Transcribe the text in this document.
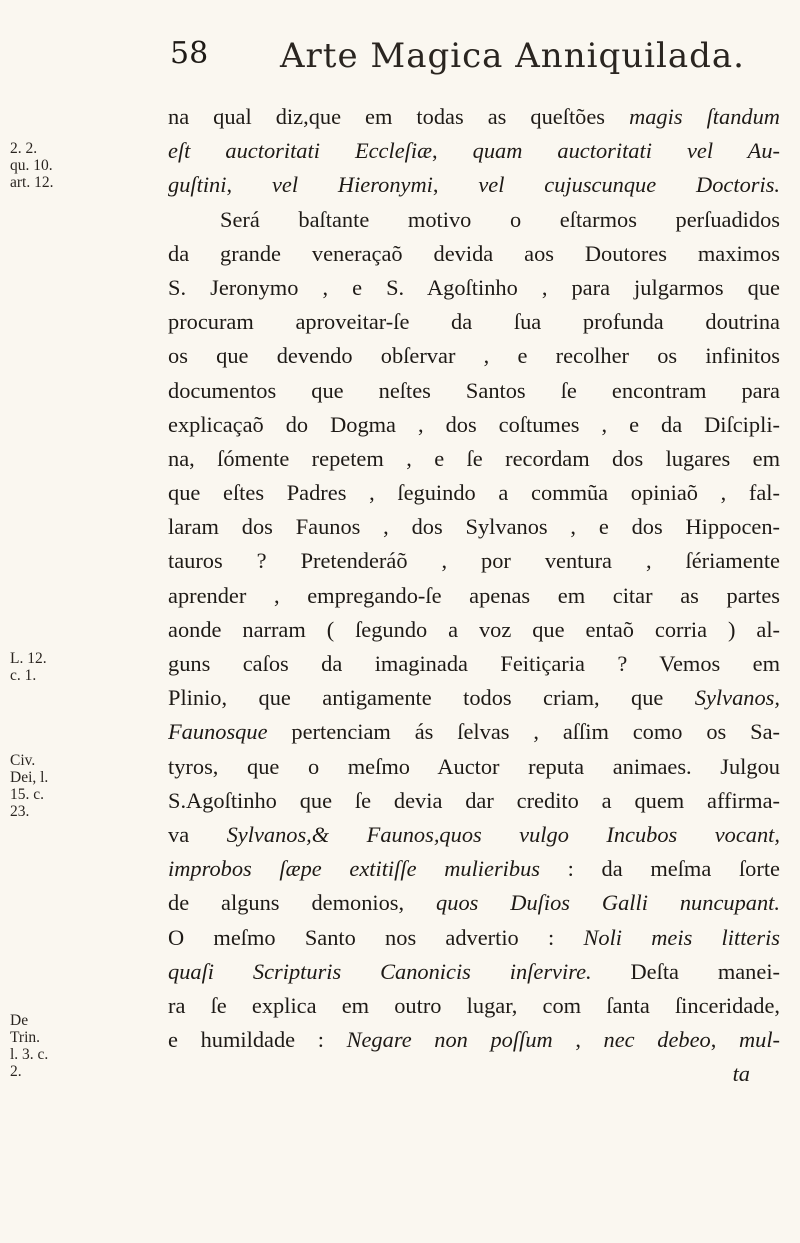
58 Arte Magica Anniquilada.
2. 2.
qu. 10.
art. 12.
L. 12.
c. 1.
Civ.
Dei, l.
15. c.
23.
De
Trin.
l. 3. c.
2.
na qual diz,que em todas as queſtões magis ſtandum
eſt auctoritati Eccleſiæ, quam auctoritati vel Au-
guſtini, vel Hieronymi, vel cujuscunque Doctoris.
Será baſtante motivo o eſtarmos perſuadidos
da grande veneraçaõ devida aos Doutores maximos
S. Jeronymo , e S. Agoſtinho , para julgarmos que
procuram aproveitar-ſe da ſua profunda doutrina
os que devendo obſervar , e recolher os infinitos
documentos que neſtes Santos ſe encontram para
explicaçaõ do Dogma , dos coſtumes , e da Diſcipli-
na, ſómente repetem , e ſe recordam dos lugares em
que eſtes Padres , ſeguindo a commũa opiniaõ , fal-
laram dos Faunos , dos Sylvanos , e dos Hippocen-
tauros ? Pretenderáõ , por ventura , ſériamente
aprender , empregando-ſe apenas em citar as partes
aonde narram ( ſegundo a voz que entaõ corria ) al-
guns caſos da imaginada Feitiçaria ? Vemos em
Plinio, que antigamente todos criam, que Sylvanos,
Faunosque pertenciam ás ſelvas , aſſim como os Sa-
tyros, que o meſmo Auctor reputa animaes. Julgou
S.Agoſtinho que ſe devia dar credito a quem affirma-
va Sylvanos,& Faunos,quos vulgo Incubos vocant,
improbos ſæpe extitiſſe mulieribus : da meſma ſorte
de alguns demonios, quos Duſios Galli nuncupant.
O meſmo Santo nos advertio : Noli meis litteris
quaſi Scripturis Canonicis inſervire. Deſta manei-
ra ſe explica em outro lugar, com ſanta ſinceridade,
e humildade : Negare non poſſum , nec debeo, mul-
ta
